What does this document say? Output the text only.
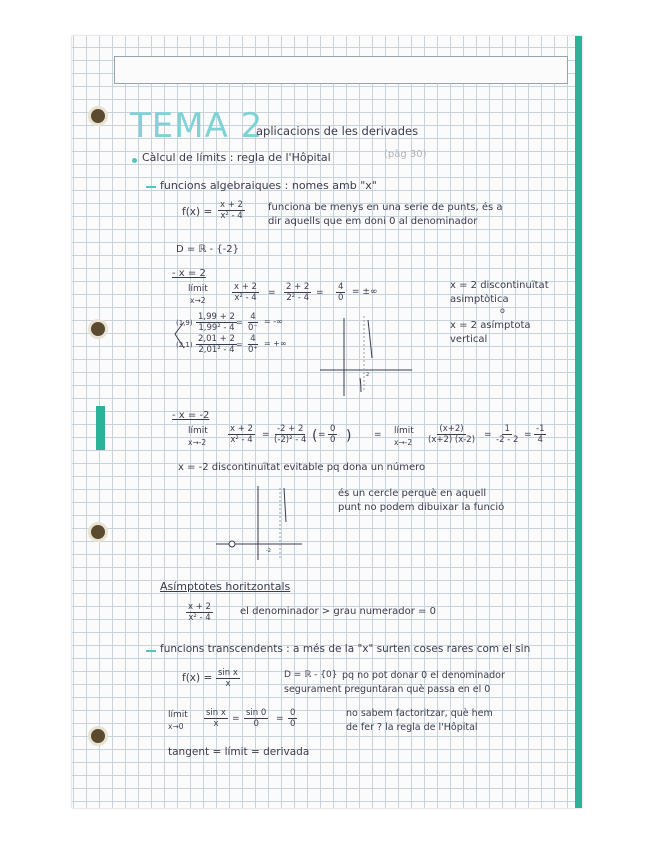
TEMA 2
aplicacions de les derivades
Càlcul de límits : regla de l'Hôpital	(pàg 30)
funcions algebraiques : nomes amb "x"
$f(x) = \frac{x + 2}{\text{x² - 4}}$ funciona be menys en una serie de punts, és a
dir aquells que em doni 0 al denominador
D = ℝ - {-2}
- x = 2
límit
x→2	$\frac{x + 2}{\text{x² - 4}} = \frac{2 + 2}{\text{2² - 4}} = \frac{4}{0}$ = ±∞
x = 2 discontinuïtat
asimptòtica
o
x = 2 asímptota
vertical
$(1,9) \frac{1,99 + 2}{\text{1,99² - 4}} = \frac{4}{0^-}$ = -∞
$(2,1) \frac{2,01 + 2}{\text{2,01² - 4}} = \frac{4}{0^+}$ = +∞
2
- x = -2
límit
x→-2	$\frac{x + 2}{\text{x² - 4}} = \frac{-2 + 2}{\text{(-2)² - 4}}$ ( = $\frac{0}{0}$ )	= límit
$x\to-2 \frac{(x+2)}{(x+2) (x-2)} = \frac{1}{-2 - 2} = \frac{-1}{4}$
x = -2 discontinuïtat evitable pq dona un número
és un cercle perquè en aquell
punt no podem dibuixar la funció
-2
Asímptotes horitzontals
$\frac{x + 2}{\text{x² - 4}}$	el denominador > grau numerador = 0
funcions transcendents : a més de la "x" surten coses rares com el sin
$f(x) = \frac{\text{sin x}}{x}$	D = ℝ - {0} pq no pot donar 0 el denominador
segurament preguntaran què passa en el 0
límit
$x\to 0 \frac{\text{sin x}}{x} = \frac{\sin 0}{0} = \frac{0}{0}$	no sabem factoritzar, què hem
de fer ? la regla de l'Hôpital
tangent = límit = derivada
